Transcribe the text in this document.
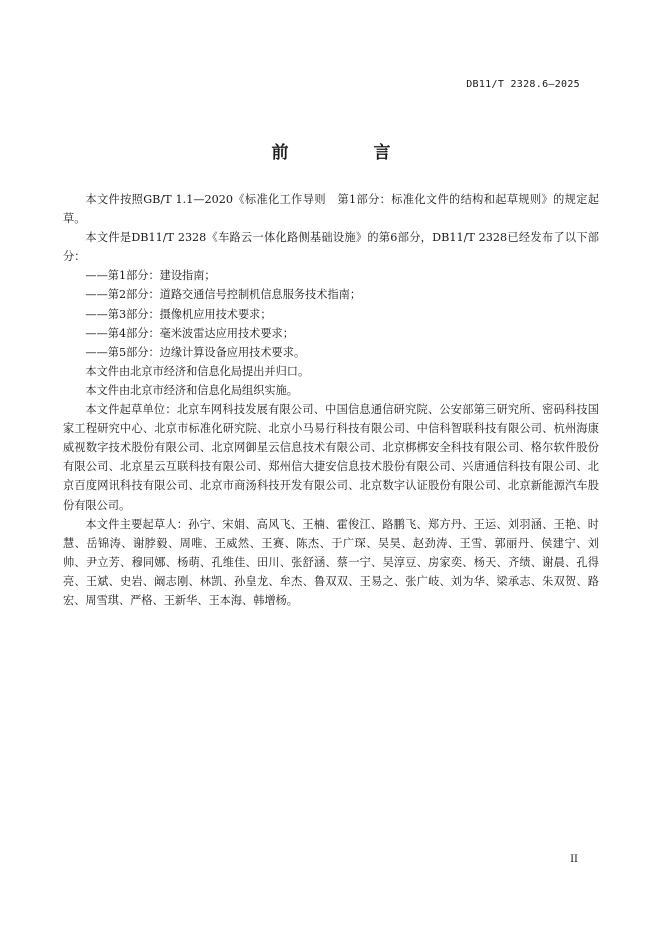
DB11/T 2328.6—2025
前　言

本文件按照GB/T 1.1—2020《标准化工作导则　第1部分：标准化文件的结构和起草规则》的规定起草。

本文件是DB11/T 2328《车路云一体化路侧基础设施》的第6部分，DB11/T 2328已经发布了以下部分：

——第1部分：建设指南；

——第2部分：道路交通信号控制机信息服务技术指南；

——第3部分：摄像机应用技术要求；

——第4部分：毫米波雷达应用技术要求；

——第5部分：边缘计算设备应用技术要求。

本文件由北京市经济和信息化局提出并归口。

本文件由北京市经济和信息化局组织实施。

本文件起草单位：北京车网科技发展有限公司、中国信息通信研究院、公安部第三研究所、密码科技国家工程研究中心、北京市标准化研究院、北京小马易行科技有限公司、中信科智联科技有限公司、杭州海康威视数字技术股份有限公司、北京网御星云信息技术有限公司、北京梆梆安全科技有限公司、格尔软件股份有限公司、北京星云互联科技有限公司、郑州信大捷安信息技术股份有限公司、兴唐通信科技有限公司、北京百度网讯科技有限公司、北京市商汤科技开发有限公司、北京数字认证股份有限公司、北京新能源汽车股份有限公司。

本文件主要起草人：孙宁、宋娟、高风飞、王楠、霍俊江、路鹏飞、郑方丹、王运、刘羽涵、王艳、时慧、岳锦涛、谢脖毅、周唯、王威然、王赛、陈杰、于广琛、吴昊、赵劲涛、王雪、郭丽丹、侯建宁、刘帅、尹立芳、穆同娜、杨萌、孔维佳、田川、张舒涵、蔡一宁、吴淳豆、房家奕、杨天、齐绩、谢晨、孔得亮、王斌、史岩、阚志刚、林凯、孙皇龙、牟杰、鲁双双、王易之、张广岐、刘为华、梁承志、朱双贺、路宏、周雪琪、严格、王新华、王本海、韩增杨。

II
